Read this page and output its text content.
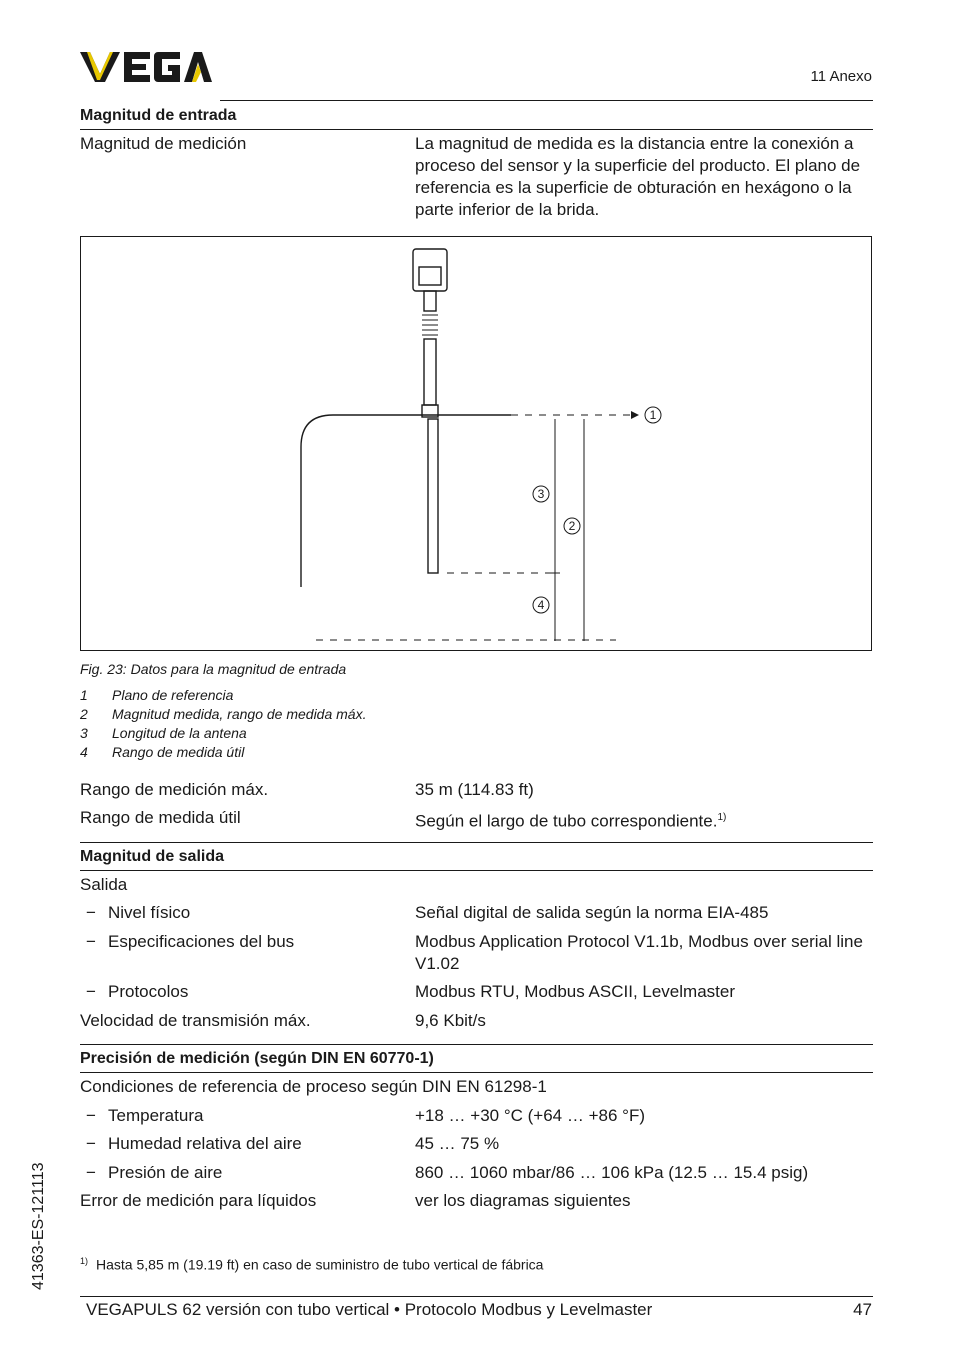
11 Anexo
Magnitud de entrada
Magnitud de medición	La magnitud de medida es la distancia entre la conexión a proceso del sensor y la superficie del producto. El plano de referencia es la superficie de obturación en hexágono o la parte inferior de la brida.
1
2
3
4
Fig. 23: Datos para la magnitud de entrada
1 Plano de referencia
2 Magnitud medida, rango de medida máx.
3 Longitud de la antena
4 Rango de medida útil
Rango de medición máx.	35 m (114.83 ft)
Rango de medida útil	Según el largo de tubo correspondiente.$^{1)}$
Magnitud de salida
Salida
− Nivel físico	Señal digital de salida según la norma EIA-485
− Especificaciones del bus	Modbus Application Protocol V1.1b, Modbus over serial line V1.02
− Protocolos	Modbus RTU, Modbus ASCII, Levelmaster
Velocidad de transmisión máx.	9,6 Kbit/s
Precisión de medición (según DIN EN 60770-1)
Condiciones de referencia de proceso según DIN EN 61298-1
− Temperatura	+18 … +30 °C (+64 … +86 °F)
− Humedad relativa del aire	45 … 75 %
− Presión de aire	860 … 1060 mbar/86 … 106 kPa (12.5 … 15.4 psig)
Error de medición para líquidos	ver los diagramas siguientes
$^{1)}$ Hasta 5,85 m (19.19 ft) en caso de suministro de tubo vertical de fábrica
41363-ES-121113
VEGAPULS 62 versión con tubo vertical • Protocolo Modbus y Levelmaster	47
